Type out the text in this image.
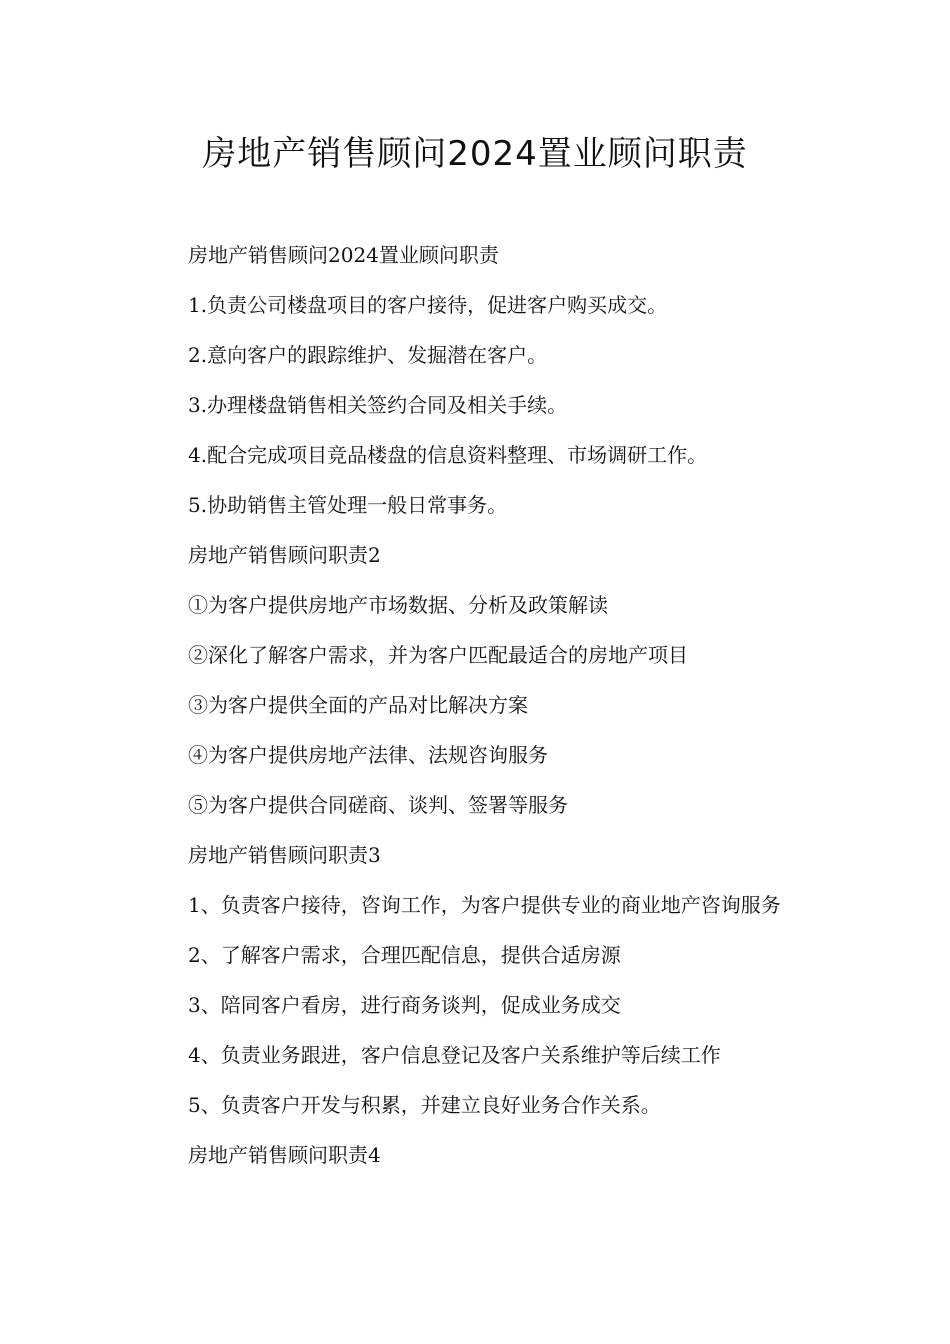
房地产销售顾问2024置业顾问职责

房地产销售顾问2024置业顾问职责

1.负责公司楼盘项目的客户接待，促进客户购买成交。

2.意向客户的跟踪维护、发掘潜在客户。

3.办理楼盘销售相关签约合同及相关手续。

4.配合完成项目竞品楼盘的信息资料整理、市场调研工作。

5.协助销售主管处理一般日常事务。

房地产销售顾问职责2

①为客户提供房地产市场数据、分析及政策解读

②深化了解客户需求，并为客户匹配最适合的房地产项目

③为客户提供全面的产品对比解决方案

④为客户提供房地产法律、法规咨询服务

⑤为客户提供合同磋商、谈判、签署等服务

房地产销售顾问职责3

1、负责客户接待，咨询工作，为客户提供专业的商业地产咨询服务

2、了解客户需求，合理匹配信息，提供合适房源

3、陪同客户看房，进行商务谈判，促成业务成交

4、负责业务跟进，客户信息登记及客户关系维护等后续工作

5、负责客户开发与积累，并建立良好业务合作关系。

房地产销售顾问职责4
